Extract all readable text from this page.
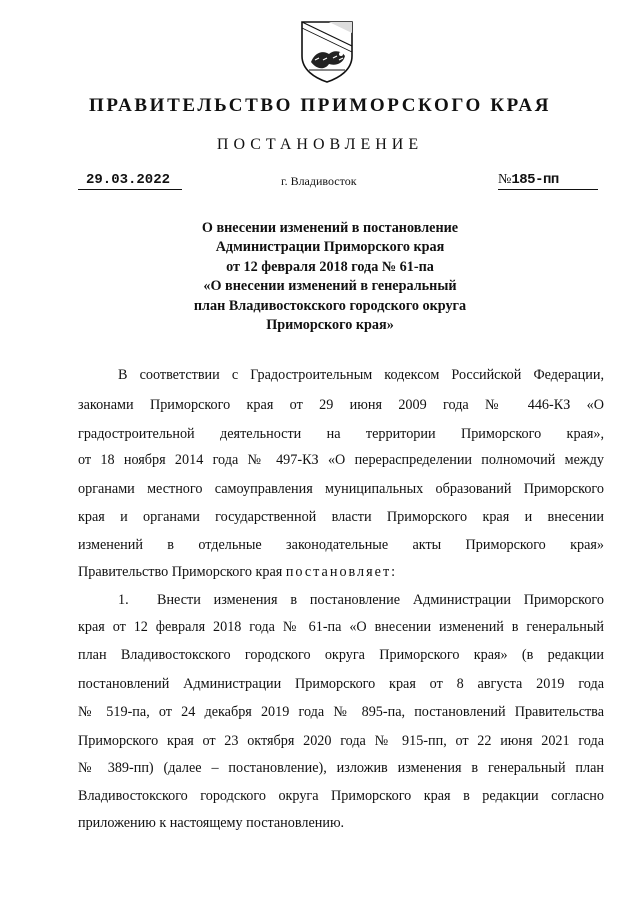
ПРАВИТЕЛЬСТВО ПРИМОРСКОГО КРАЯ
ПОСТАНОВЛЕНИЕ
29.03.2022	г. Владивосток	№185-пп
О внесении изменений в постановление
Администрации Приморского края
от 12 февраля 2018 года № 61-па
«О внесении изменений в генеральный
план Владивостокского городского округа
Приморского края»
В соответствии с Градостроительным кодексом Российской Федерации,
законами Приморского края от 29 июня 2009 года № 446-КЗ «О
градостроительной деятельности на территории Приморского края»,
от 18 ноября 2014 года № 497-КЗ «О перераспределении полномочий между
органами местного самоуправления муниципальных образований Приморского
края и органами государственной власти Приморского края и внесении
изменений в отдельные законодательные акты Приморского края»
Правительство Приморского края постановляет:
1.	Внести изменения в постановление Администрации Приморского
края от 12 февраля 2018 года № 61-па «О внесении изменений в генеральный
план Владивостокского городского округа Приморского края» (в редакции
постановлений Администрации Приморского края от 8 августа 2019 года
№ 519-па, от 24 декабря 2019 года № 895-па, постановлений Правительства
Приморского края от 23 октября 2020 года № 915-пп, от 22 июня 2021 года
№ 389-пп) (далее – постановление), изложив изменения в генеральный план
Владивостокского городского округа Приморского края в редакции согласно
приложению к настоящему постановлению.
